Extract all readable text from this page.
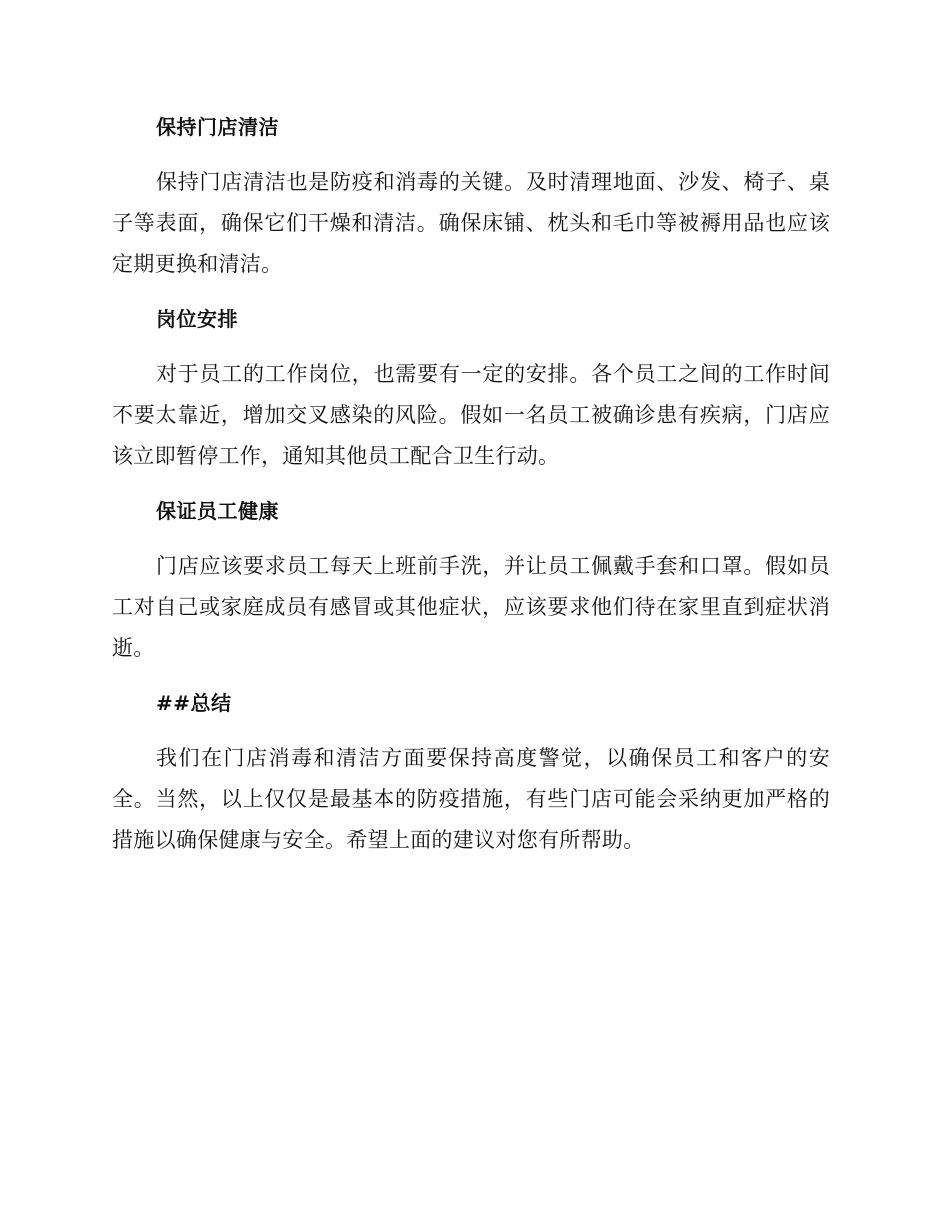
保持门店清洁

保持门店清洁也是防疫和消毒的关键。及时清理地面、沙发、椅子、桌子等表面，确保它们干燥和清洁。确保床铺、枕头和毛巾等被褥用品也应该定期更换和清洁。

岗位安排

对于员工的工作岗位，也需要有一定的安排。各个员工之间的工作时间不要太靠近，增加交叉感染的风险。假如一名员工被确诊患有疾病，门店应该立即暂停工作，通知其他员工配合卫生行动。

保证员工健康

门店应该要求员工每天上班前手洗，并让员工佩戴手套和口罩。假如员工对自己或家庭成员有感冒或其他症状，应该要求他们待在家里直到症状消逝。

##总结

我们在门店消毒和清洁方面要保持高度警觉，以确保员工和客户的安全。当然，以上仅仅是最基本的防疫措施，有些门店可能会采纳更加严格的措施以确保健康与安全。希望上面的建议对您有所帮助。
